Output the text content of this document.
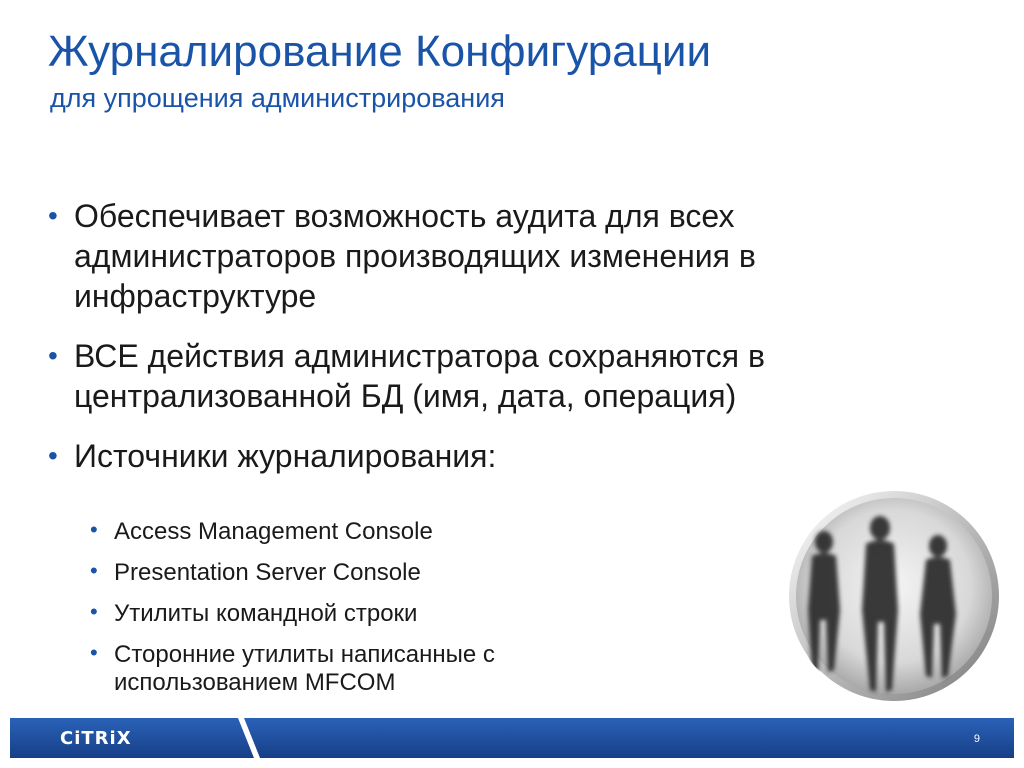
Журналирование Конфигурации
для упрощения администрирования
• Обеспечивает возможность аудита для всех администраторов производящих изменения в инфраструктуре
• ВСЕ действия администратора сохраняются в централизованной БД (имя, дата, операция)
• Источники журналирования:
• Access Management Console
• Presentation Server Console
• Утилиты командной строки
• Сторонние утилиты написанные с использованием MFCOM
CiTRiX	9
